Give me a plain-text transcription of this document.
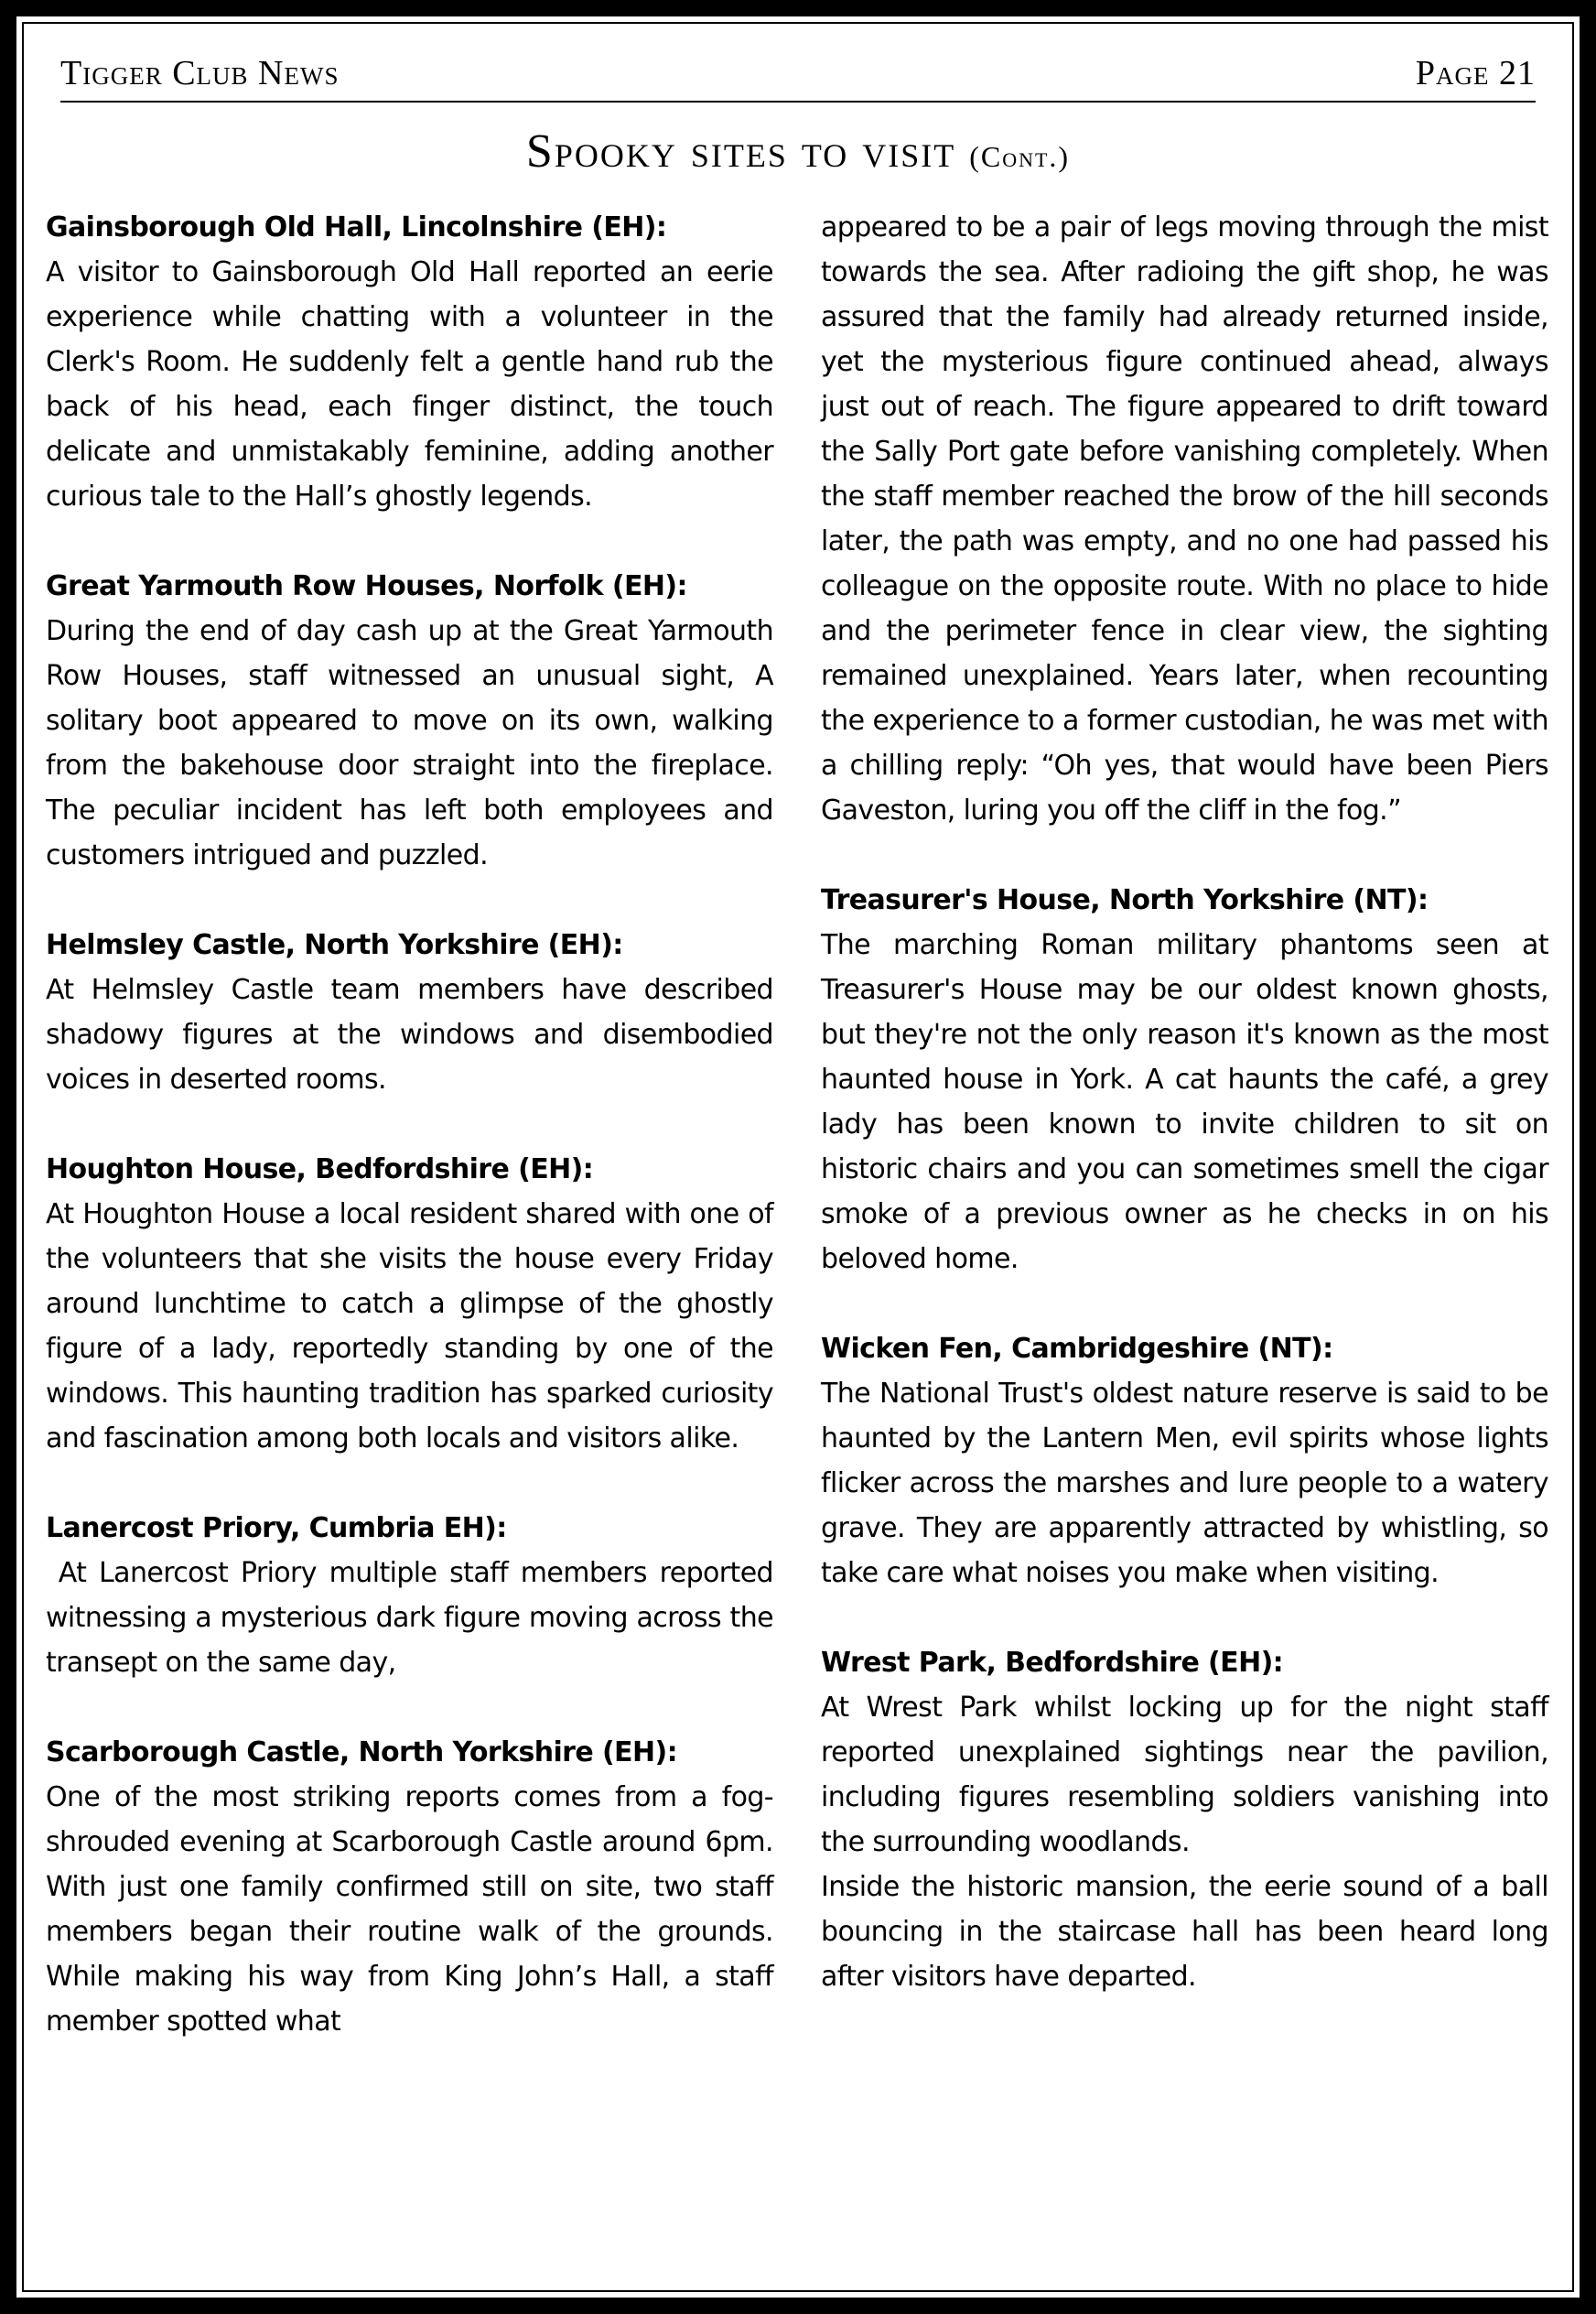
Tigger Club News	Page 21
Spooky sites to visit (Cont.)
Gainsborough Old Hall, Lincolnshire (EH):

A visitor to Gainsborough Old Hall reported an eerie experience while chatting with a volunteer in the Clerk's Room. He suddenly felt a gentle hand rub the back of his head, each finger distinct, the touch delicate and unmistakably feminine, adding another curious tale to the Hall’s ghostly legends.

Great Yarmouth Row Houses, Norfolk (EH):

During the end of day cash up at the Great Yarmouth Row Houses, staff witnessed an unusual sight, A solitary boot appeared to move on its own, walking from the bakehouse door straight into the fireplace. The peculiar incident has left both employees and customers intrigued and puzzled.

Helmsley Castle, North Yorkshire (EH):

At Helmsley Castle team members have described shadowy figures at the windows and disembodied voices in deserted rooms.

Houghton House, Bedfordshire (EH):

At Houghton House a local resident shared with one of the volunteers that she visits the house every Friday around lunchtime to catch a glimpse of the ghostly figure of a lady, reportedly standing by one of the windows. This haunting tradition has sparked curiosity and fascination among both locals and visitors alike.

Lanercost Priory, Cumbria EH):

At Lanercost Priory multiple staff members reported witnessing a mysterious dark figure moving across the transept on the same day,

Scarborough Castle, North Yorkshire (EH):

One of the most striking reports comes from a fog-shrouded evening at Scarborough Castle around 6pm. With just one family confirmed still on site, two staff members began their routine walk of the grounds. While making his way from King John’s Hall, a staff member spotted what

appeared to be a pair of legs moving through the mist towards the sea. After radioing the gift shop, he was assured that the family had already returned inside, yet the mysterious figure continued ahead, always just out of reach. The figure appeared to drift toward the Sally Port gate before vanishing completely. When the staff member reached the brow of the hill seconds later, the path was empty, and no one had passed his colleague on the opposite route. With no place to hide and the perimeter fence in clear view, the sighting remained unexplained. Years later, when recounting the experience to a former custodian, he was met with a chilling reply: “Oh yes, that would have been Piers Gaveston, luring you off the cliff in the fog.”

Treasurer's House, North Yorkshire (NT):

The marching Roman military phantoms seen at Treasurer's House may be our oldest known ghosts, but they're not the only reason it's known as the most haunted house in York. A cat haunts the café, a grey lady has been known to invite children to sit on historic chairs and you can sometimes smell the cigar smoke of a previous owner as he checks in on his beloved home.

Wicken Fen, Cambridgeshire (NT):

The National Trust's oldest nature reserve is said to be haunted by the Lantern Men, evil spirits whose lights flicker across the marshes and lure people to a watery grave. They are apparently attracted by whistling, so take care what noises you make when visiting.

Wrest Park, Bedfordshire (EH):

At Wrest Park whilst locking up for the night staff reported unexplained sightings near the pavilion, including figures resembling soldiers vanishing into the surrounding woodlands.

Inside the historic mansion, the eerie sound of a ball bouncing in the staircase hall has been heard long after visitors have departed.
